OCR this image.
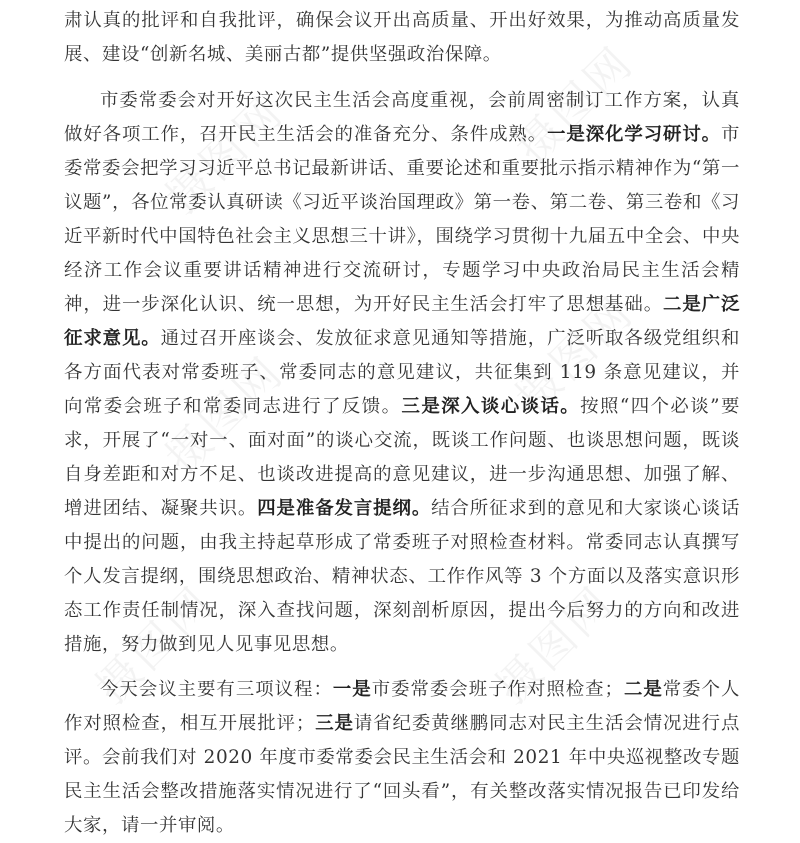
肃认真的批评和自我批评，确保会议开出高质量、开出好效果，为推动高质量发展、建设“创新名城、美丽古都”提供坚强政治保障。

市委常委会对开好这次民主生活会高度重视，会前周密制订工作方案，认真做好各项工作，召开民主生活会的准备充分、条件成熟。一是深化学习研讨。市委常委会把学习习近平总书记最新讲话、重要论述和重要批示指示精神作为“第一议题”，各位常委认真研读《习近平谈治国理政》第一卷、第二卷、第三卷和《习近平新时代中国特色社会主义思想三十讲》，围绕学习贯彻十九届五中全会、中央经济工作会议重要讲话精神进行交流研讨，专题学习中央政治局民主生活会精神，进一步深化认识、统一思想，为开好民主生活会打牢了思想基础。二是广泛征求意见。通过召开座谈会、发放征求意见通知等措施，广泛听取各级党组织和各方面代表对常委班子、常委同志的意见建议，共征集到 119 条意见建议，并向常委会班子和常委同志进行了反馈。三是深入谈心谈话。按照“四个必谈”要求，开展了“一对一、面对面”的谈心交流，既谈工作问题、也谈思想问题，既谈自身差距和对方不足、也谈改进提高的意见建议，进一步沟通思想、加强了解、增进团结、凝聚共识。四是准备发言提纲。结合所征求到的意见和大家谈心谈话中提出的问题，由我主持起草形成了常委班子对照检查材料。常委同志认真撰写个人发言提纲，围绕思想政治、精神状态、工作作风等 3 个方面以及落实意识形态工作责任制情况，深入查找问题，深刻剖析原因，提出今后努力的方向和改进措施，努力做到见人见事见思想。

今天会议主要有三项议程：一是市委常委会班子作对照检查；二是常委个人作对照检查，相互开展批评；三是请省纪委黄继鹏同志对民主生活会情况进行点评。会前我们对 2020 年度市委常委会民主生活会和 2021 年中央巡视整改专题民主生活会整改措施落实情况进行了“回头看”，有关整改落实情况报告已印发给大家，请一并审阅。
